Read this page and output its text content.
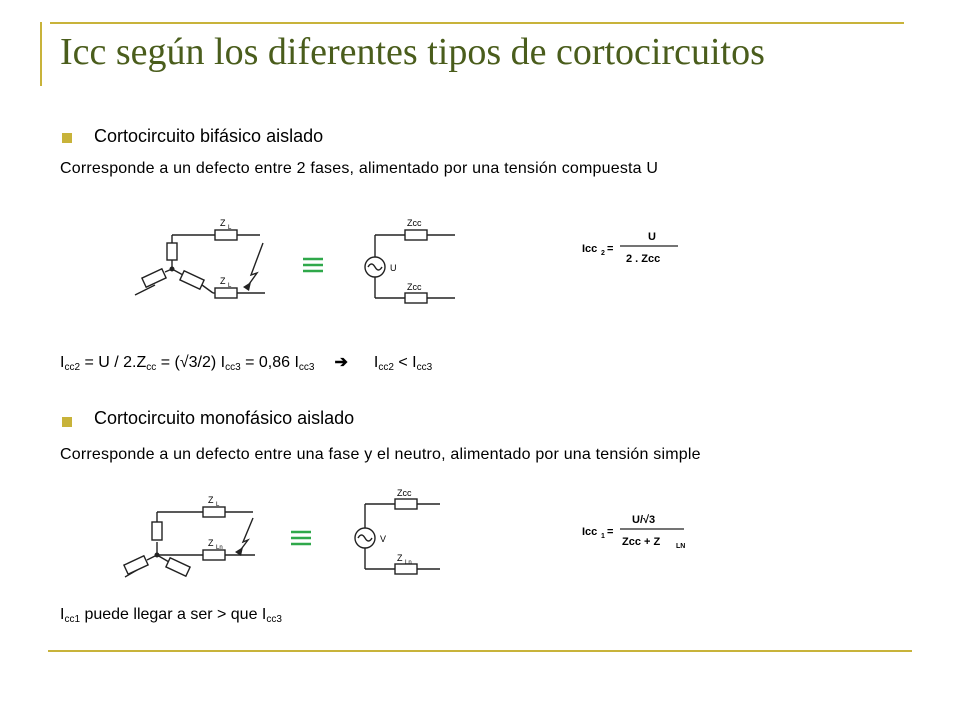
Icc según los diferentes tipos de cortocircuitos
Cortocircuito bifásico aislado
Corresponde a un defecto entre 2 fases, alimentado por una tensión compuesta U
Z L
Z L
Zcc
Zcc
U
Icc 2 =
U
2 . Zcc
$I_{cc2} = U / 2.Z_{cc} = (√3/2) I_{cc3} = 0,86$ $I_{cc3}$ ➔ $I_{cc2} < I_{cc3}$
Cortocircuito monofásico aislado
Corresponde a un defecto entre una fase y el neutro, alimentado por una tensión simple
Z L
Z Ln
Zcc
Z Ln
V
Icc 1 =
U/√3
Zcc + Z LN
$I_{cc1}$ puede llegar a ser > que $I_{cc3}$
